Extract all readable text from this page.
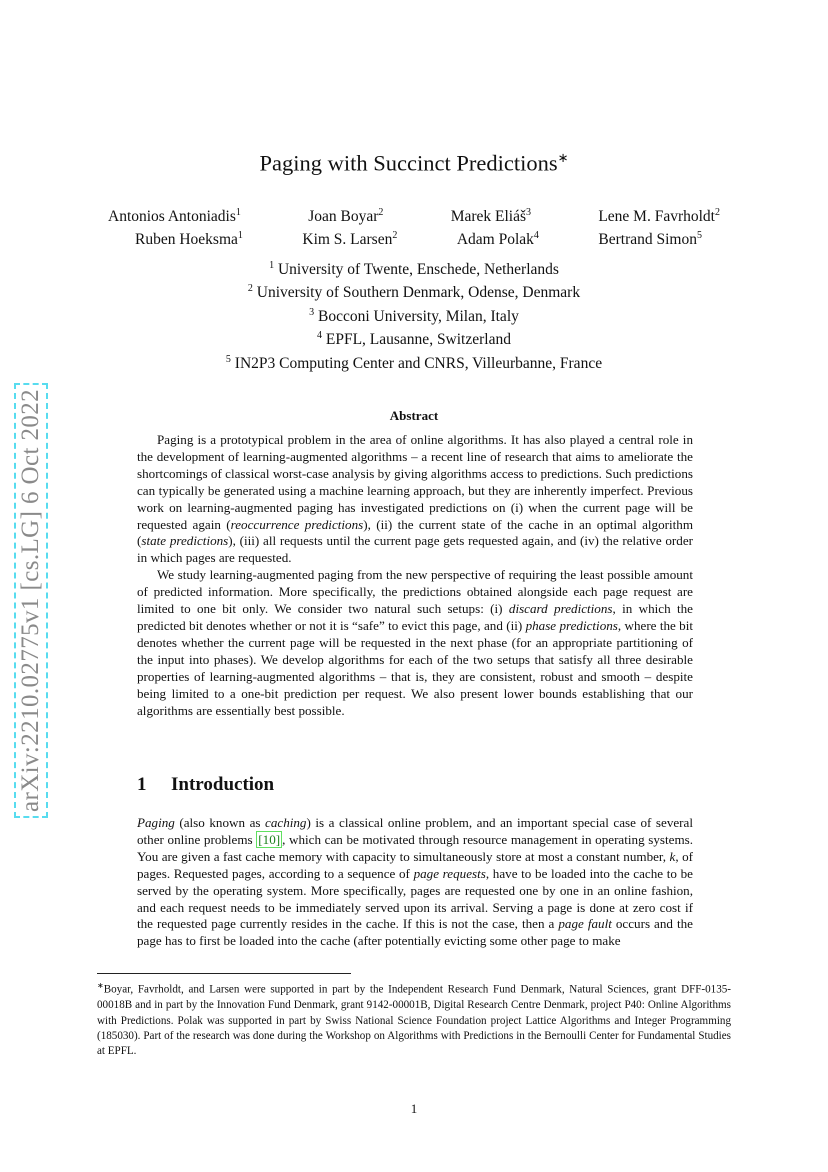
arXiv:2210.02775v1 [cs.LG] 6 Oct 2022
Paging with Succinct Predictions∗
Antonios Antoniadis$^1$	Joan Boyar$^2$	Marek Eliáš$^3$	Lene M. Favrholdt$^2$
Ruben Hoeksma$^1$	Kim S. Larsen$^2$	Adam Polak$^4$	Bertrand Simon$^5$
$^1$ University of Twente, Enschede, Netherlands
$^2$ University of Southern Denmark, Odense, Denmark
$^3$ Bocconi University, Milan, Italy
$^4$ EPFL, Lausanne, Switzerland
$^5$ IN2P3 Computing Center and CNRS, Villeurbanne, France
Abstract

Paging is a prototypical problem in the area of online algorithms. It has also played a central role in the development of learning-augmented algorithms – a recent line of research that aims to ameliorate the shortcomings of classical worst-case analysis by giving algorithms access to predictions. Such predictions can typically be generated using a machine learning approach, but they are inherently imperfect. Previous work on learning-augmented paging has investigated predictions on (i) when the current page will be requested again (reoccurrence predictions), (ii) the current state of the cache in an optimal algorithm (state predictions), (iii) all requests until the current page gets requested again, and (iv) the relative order in which pages are requested.

We study learning-augmented paging from the new perspective of requiring the least possible amount of predicted information. More specifically, the predictions obtained alongside each page request are limited to one bit only. We consider two natural such setups: (i) discard predictions, in which the predicted bit denotes whether or not it is “safe” to evict this page, and (ii) phase predictions, where the bit denotes whether the current page will be requested in the next phase (for an appropriate partitioning of the input into phases). We develop algorithms for each of the two setups that satisfy all three desirable properties of learning-augmented algorithms – that is, they are consistent, robust and smooth – despite being limited to a one-bit prediction per request. We also present lower bounds establishing that our algorithms are essentially best possible.

1 Introduction

Paging (also known as caching) is a classical online problem, and an important special case of several other online problems [10] , which can be motivated through resource management in operating systems. You are given a fast cache memory with capacity to simultaneously store at most a constant number, k, of pages. Requested pages, according to a sequence of page requests, have to be loaded into the cache to be served by the operating system. More specifically, pages are requested one by one in an online fashion, and each request needs to be immediately served upon its arrival. Serving a page is done at zero cost if the requested page currently resides in the cache. If this is not the case, then a page fault occurs and the page has to first be loaded into the cache (after potentially evicting some other page to make

∗Boyar, Favrholdt, and Larsen were supported in part by the Independent Research Fund Denmark, Natural Sciences, grant DFF-0135-00018B and in part by the Innovation Fund Denmark, grant 9142-00001B, Digital Research Centre Denmark, project P40: Online Algorithms with Predictions. Polak was supported in part by Swiss National Science Foundation project Lattice Algorithms and Integer Programming (185030). Part of the research was done during the Workshop on Algorithms with Predictions in the Bernoulli Center for Fundamental Studies at EPFL.
1
